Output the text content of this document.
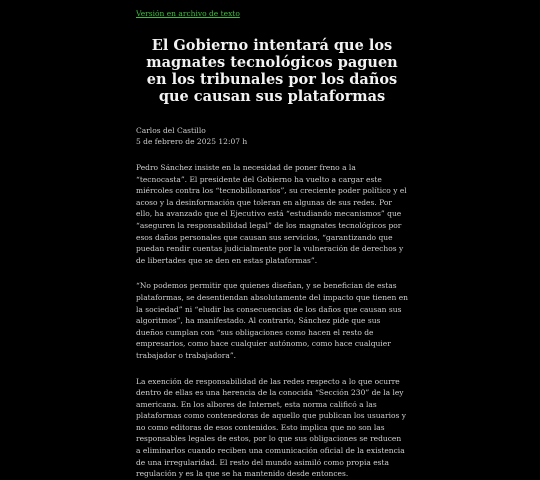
Versión en archivo de texto
El Gobierno intentará que los magnates tecnológicos paguen en los tribunales por los daños que causan sus plataformas
Carlos del Castillo
5 de febrero de 2025 12:07 h

Pedro Sánchez insiste en la necesidad de poner freno a la “tecnocasta”. El presidente del Gobierno ha vuelto a cargar este miércoles contra los “tecnobillonarios”, su creciente poder político y el acoso y la desinformación que toleran en algunas de sus redes. Por ello, ha avanzado que el Ejecutivo está “estudiando mecanismos” que “aseguren la responsabilidad legal” de los magnates tecnológicos por esos daños personales que causan sus servicios, “garantizando que puedan rendir cuentas judicialmente por la vulneración de derechos y de libertades que se den en estas plataformas”.

“No podemos permitir que quienes diseñan, y se benefician de estas plataformas, se desentiendan absolutamente del impacto que tienen en la sociedad” ni “eludir las consecuencias de los daños que causan sus algoritmos”, ha manifestado. Al contrario, Sánchez pide que sus dueños cumplan con “sus obligaciones como hacen el resto de empresarios, como hace cualquier autónomo, como hace cualquier trabajador o trabajadora”.

La exención de responsabilidad de las redes respecto a lo que ocurre dentro de ellas es una herencia de la conocida “Sección 230” de la ley americana. En los albores de Internet, esta norma calificó a las plataformas como contenedoras de aquello que publican los usuarios y no como editoras de esos contenidos. Esto implica que no son las responsables legales de estos, por lo que sus obligaciones se reducen a eliminarlos cuando reciben una comunicación oficial de la existencia de una irregularidad. El resto del mundo asimiló como propia esta regulación y es la que se ha mantenido desde entonces.
